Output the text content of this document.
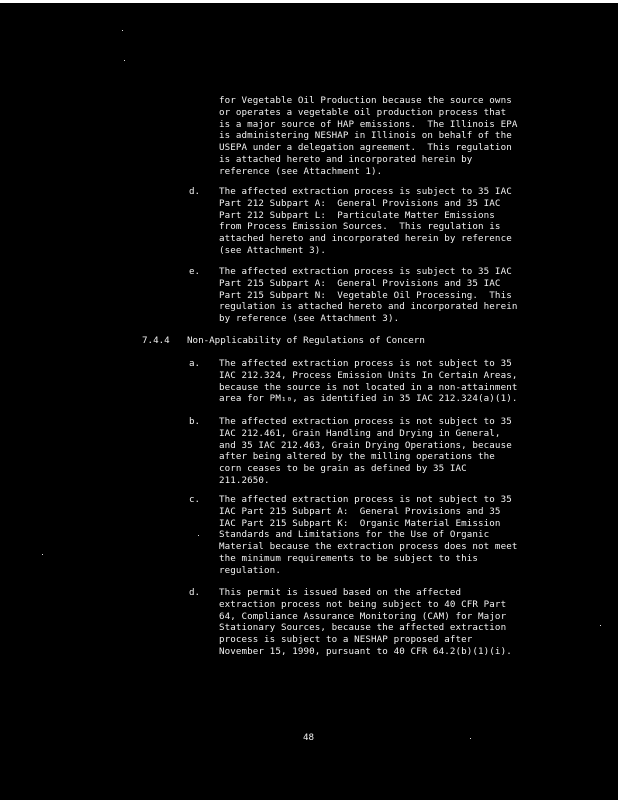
for Vegetable Oil Production because the source owns
or operates a vegetable oil production process that
is a major source of HAP emissions.  The Illinois EPA
is administering NESHAP in Illinois on behalf of the
USEPA under a delegation agreement.  This regulation
is attached hereto and incorporated herein by
reference (see Attachment 1).
d. The affected extraction process is subject to 35 IAC
Part 212 Subpart A:  General Provisions and 35 IAC
Part 212 Subpart L:  Particulate Matter Emissions
from Process Emission Sources.  This regulation is
attached hereto and incorporated herein by reference
(see Attachment 3).
e. The affected extraction process is subject to 35 IAC
Part 215 Subpart A:  General Provisions and 35 IAC
Part 215 Subpart N:  Vegetable Oil Processing.  This
regulation is attached hereto and incorporated herein
by reference (see Attachment 3).
7.4.4 Non-Applicability of Regulations of Concern
a. The affected extraction process is not subject to 35
IAC 212.324, Process Emission Units In Certain Areas,
because the source is not located in a non-attainment
area for PM₁₀, as identified in 35 IAC 212.324(a)(1).
b. The affected extraction process is not subject to 35
IAC 212.461, Grain Handling and Drying in General,
and 35 IAC 212.463, Grain Drying Operations, because
after being altered by the milling operations the
corn ceases to be grain as defined by 35 IAC
211.2650.
c. The affected extraction process is not subject to 35
IAC Part 215 Subpart A:  General Provisions and 35
IAC Part 215 Subpart K:  Organic Material Emission
Standards and Limitations for the Use of Organic
Material because the extraction process does not meet
the minimum requirements to be subject to this
regulation.
d. This permit is issued based on the affected
extraction process not being subject to 40 CFR Part
64, Compliance Assurance Monitoring (CAM) for Major
Stationary Sources, because the affected extraction
process is subject to a NESHAP proposed after
November 15, 1990, pursuant to 40 CFR 64.2(b)(1)(i).
48
